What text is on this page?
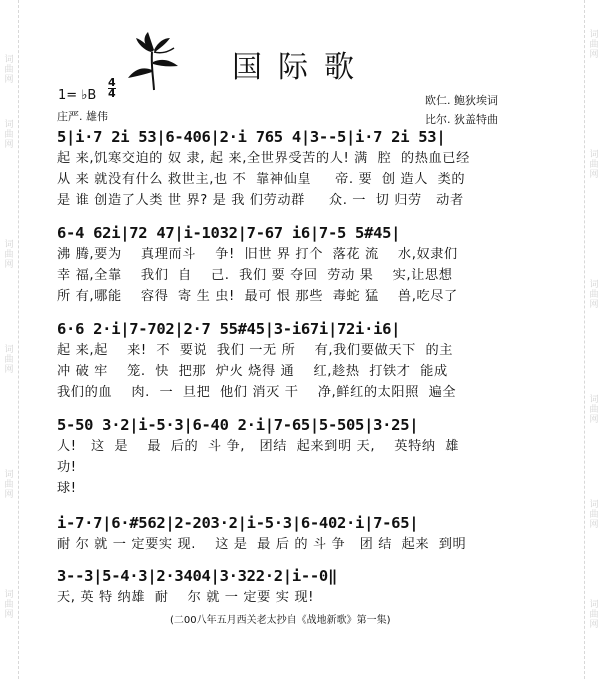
词曲网
词曲网
词曲网
词曲网
词曲网
词曲网
词曲网
词曲网
词曲网
词曲网
词曲网
词曲网
国际歌
1= ♭B
4
4
庄严. 雄伟
欧仁. 鲍狄埃词
比尔. 狄盖特曲
5|i·7 2i 53|6-406|2·i 765 4|3--5|i·7 2i 53|
起 来,饥寒交迫的 奴 隶, 起 来,全世界受苦的人! 满  腔  的热血已经
从 来 就没有什么 救世主,也 不  靠神仙皇     帝. 要  创 造人  类的
是 谁 创造了人类 世 界? 是 我 们劳动群     众. 一  切 归劳   动者
6-4 62i|72 47|i-1032|7-67 i6|7-5 5#45|
沸 腾,要为    真理而斗    争!  旧世 界 打个  落花 流    水,奴隶们
幸 福,全靠    我们  自    己.  我们 要 夺回  劳动 果    实,让思想
所 有,哪能    容得  寄 生 虫!  最可 恨 那些  毒蛇 猛    兽,吃尽了
6·6 2·i|7-702|2·7 55#45|3-i67i|72i·i6|
起 来,起    来!  不  要说  我们 一无 所    有,我们要做天下  的主
冲 破 牢    笼.  快  把那  炉火 烧得 通    红,趁热  打铁才  能成
我们的血    肉.  一  旦把  他们 消灭 干    净,鲜红的太阳照  遍全
5-50 3·2|i-5·3|6-40 2·i|7-65|5-505|3·25|
人!   这  是    最  后的  斗 争,   团结  起来到明 天,    英特纳  雄
功!
球!
i-7·7|6·#562|2-203·2|i-5·3|6-402·i|7-65|
耐 尔 就 一 定要实 现.    这 是  最 后 的 斗 争   团 结  起来  到明
3--3|5-4·3|2·3404|3·322·2|i--0‖
天, 英 特 纳雄  耐    尔 就 一 定要 实 现!
(二00八年五月西关老太抄自《战地新歌》第一集)
